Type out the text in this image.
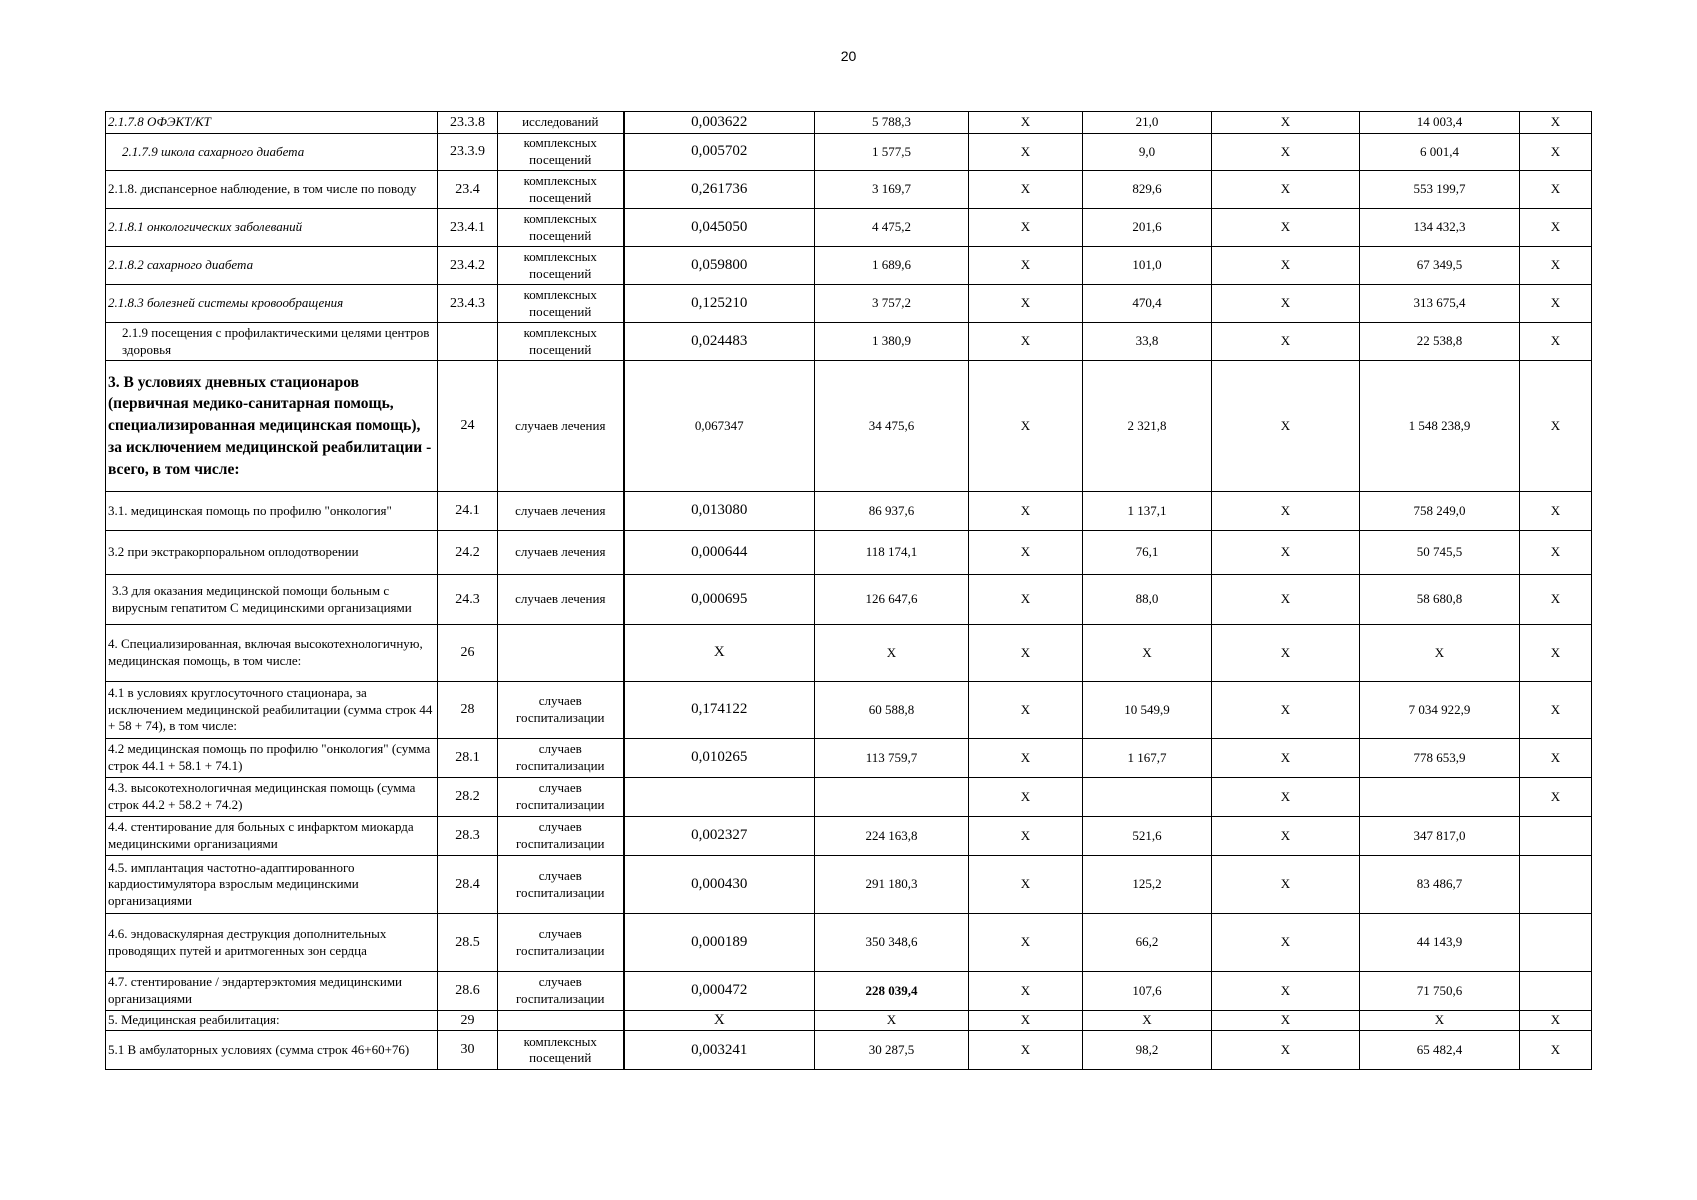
20
2.1.7.8 ОФЭКТ/КТ	23.3.8	исследований	0,003622	5 788,3	X	21,0	X	14 003,4	X
2.1.7.9 школа сахарного диабета	23.3.9	комплексных посещений	0,005702	1 577,5	X	9,0	X	6 001,4	X
2.1.8. диспансерное наблюдение, в том числе по поводу	23.4	комплексных посещений	0,261736	3 169,7	X	829,6	X	553 199,7	X
2.1.8.1 онкологических заболеваний	23.4.1	комплексных посещений	0,045050	4 475,2	X	201,6	X	134 432,3	X
2.1.8.2 сахарного диабета	23.4.2	комплексных посещений	0,059800	1 689,6	X	101,0	X	67 349,5	X
2.1.8.3 болезней системы кровообращения	23.4.3	комплексных посещений	0,125210	3 757,2	X	470,4	X	313 675,4	X
2.1.9 посещения с профилактическими целями центров здоровья		комплексных посещений	0,024483	1 380,9	X	33,8	X	22 538,8	X
3. В условиях дневных стационаров (первичная медико-санитарная помощь, специализированная медицинская помощь), за исключением медицинской реабилитации - всего, в том числе:	24	случаев лечения	0,067347	34 475,6	X	2 321,8	X	1 548 238,9	X
3.1. медицинская помощь по профилю "онкология"	24.1	случаев лечения	0,013080	86 937,6	X	1 137,1	X	758 249,0	X
3.2 при экстракорпоральном оплодотворении	24.2	случаев лечения	0,000644	118 174,1	X	76,1	X	50 745,5	X
3.3 для оказания медицинской помощи больным с вирусным гепатитом С медицинскими организациями	24.3	случаев лечения	0,000695	126 647,6	X	88,0	X	58 680,8	X
4. Специализированная, включая высокотехнологичную, медицинская помощь, в том числе:	26		X	X	X	X	X	X	X
4.1 в условиях круглосуточного стационара, за исключением медицинской реабилитации (сумма строк 44 + 58 + 74), в том числе:	28	случаев госпитализации	0,174122	60 588,8	X	10 549,9	X	7 034 922,9	X
4.2 медицинская помощь по профилю "онкология" (сумма строк 44.1 + 58.1 + 74.1)	28.1	случаев госпитализации	0,010265	113 759,7	X	1 167,7	X	778 653,9	X
4.3. высокотехнологичная медицинская помощь (сумма строк 44.2 + 58.2 + 74.2)	28.2	случаев госпитализации			X		X		X
4.4. стентирование для больных с инфарктом миокарда медицинскими организациями	28.3	случаев госпитализации	0,002327	224 163,8	X	521,6	X	347 817,0	
4.5. имплантация частотно-адаптированного кардиостимулятора взрослым медицинскими организациями	28.4	случаев госпитализации	0,000430	291 180,3	X	125,2	X	83 486,7	
4.6. эндоваскулярная деструкция дополнительных проводящих путей и аритмогенных зон сердца	28.5	случаев госпитализации	0,000189	350 348,6	X	66,2	X	44 143,9	
4.7. стентирование / эндартерэктомия медицинскими организациями	28.6	случаев госпитализации	0,000472	228 039,4	X	107,6	X	71 750,6	
5. Медицинская реабилитация:	29		X	X	X	X	X	X	X
5.1 В амбулаторных условиях (сумма строк 46+60+76)	30	комплексных посещений	0,003241	30 287,5	X	98,2	X	65 482,4	X
